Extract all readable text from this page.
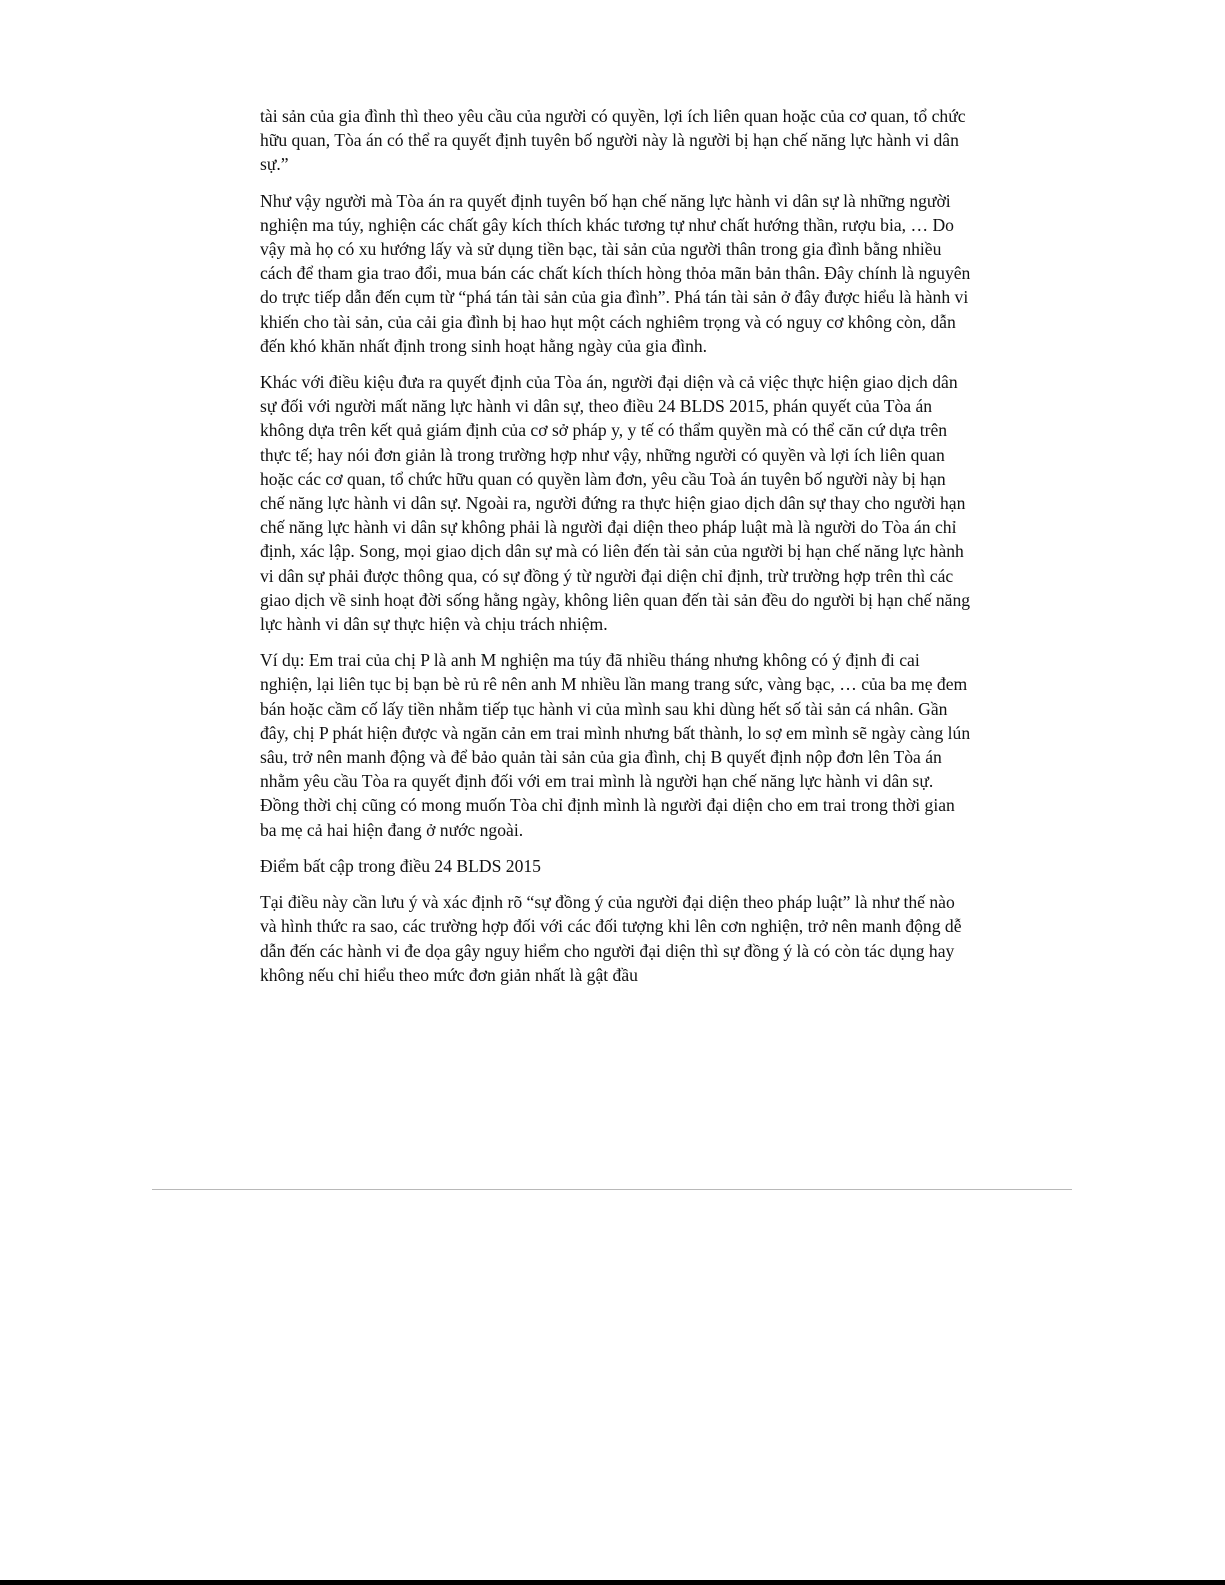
tài sản của gia đình thì theo yêu cầu của người có quyền, lợi ích liên quan hoặc của cơ quan, tổ chức hữu quan, Tòa án có thể ra quyết định tuyên bố người này là người bị hạn chế năng lực hành vi dân sự.”

Như vậy người mà Tòa án ra quyết định tuyên bố hạn chế năng lực hành vi dân sự là những người nghiện ma túy, nghiện các chất gây kích thích khác tương tự như chất hướng thần, rượu bia, … Do vậy mà họ có xu hướng lấy và sử dụng tiền bạc, tài sản của người thân trong gia đình bằng nhiều cách để tham gia trao đổi, mua bán các chất kích thích hòng thỏa mãn bản thân. Đây chính là nguyên do trực tiếp dẫn đến cụm từ “phá tán tài sản của gia đình”. Phá tán tài sản ở đây được hiểu là hành vi khiến cho tài sản, của cải gia đình bị hao hụt một cách nghiêm trọng và có nguy cơ không còn, dẫn đến khó khăn nhất định trong sinh hoạt hằng ngày của gia đình.

Khác với điều kiệu đưa ra quyết định của Tòa án, người đại diện và cả việc thực hiện giao dịch dân sự đối với người mất năng lực hành vi dân sự, theo điều 24 BLDS 2015, phán quyết của Tòa án không dựa trên kết quả giám định của cơ sở pháp y, y tế có thẩm quyền mà có thể căn cứ dựa trên thực tế; hay nói đơn giản là trong trường hợp như vậy, những người có quyền và lợi ích liên quan hoặc các cơ quan, tổ chức hữu quan có quyền làm đơn, yêu cầu Toà án tuyên bố người này bị hạn chế năng lực hành vi dân sự. Ngoài ra, người đứng ra thực hiện giao dịch dân sự thay cho người hạn chế năng lực hành vi dân sự không phải là người đại diện theo pháp luật mà là người do Tòa án chỉ định, xác lập. Song, mọi giao dịch dân sự mà có liên đến tài sản của người bị hạn chế năng lực hành vi dân sự phải được thông qua, có sự đồng ý từ người đại diện chỉ định, trừ trường hợp trên thì các giao dịch về sinh hoạt đời sống hằng ngày, không liên quan đến tài sản đều do người bị hạn chế năng lực hành vi dân sự thực hiện và chịu trách nhiệm.

Ví dụ: Em trai của chị P là anh M nghiện ma túy đã nhiều tháng nhưng không có ý định đi cai nghiện, lại liên tục bị bạn bè rủ rê nên anh M nhiều lần mang trang sức, vàng bạc, … của ba mẹ đem bán hoặc cầm cố lấy tiền nhằm tiếp tục hành vi của mình sau khi dùng hết số tài sản cá nhân. Gần đây, chị P phát hiện được và ngăn cản em trai mình nhưng bất thành, lo sợ em mình sẽ ngày càng lún sâu, trở nên manh động và để bảo quản tài sản của gia đình, chị B quyết định nộp đơn lên Tòa án nhằm yêu cầu Tòa ra quyết định đối với em trai mình là người hạn chế năng lực hành vi dân sự. Đồng thời chị cũng có mong muốn Tòa chỉ định mình là người đại diện cho em trai trong thời gian ba mẹ cả hai hiện đang ở nước ngoài.

Điểm bất cập trong điều 24 BLDS 2015

Tại điều này cần lưu ý và xác định rõ “sự đồng ý của người đại diện theo pháp luật” là như thế nào và hình thức ra sao, các trường hợp đối với các đối tượng khi lên cơn nghiện, trở nên manh động dễ dẫn đến các hành vi đe dọa gây nguy hiểm cho người đại diện thì sự đồng ý là có còn tác dụng hay không nếu chỉ hiểu theo mức đơn giản nhất là gật đầu
